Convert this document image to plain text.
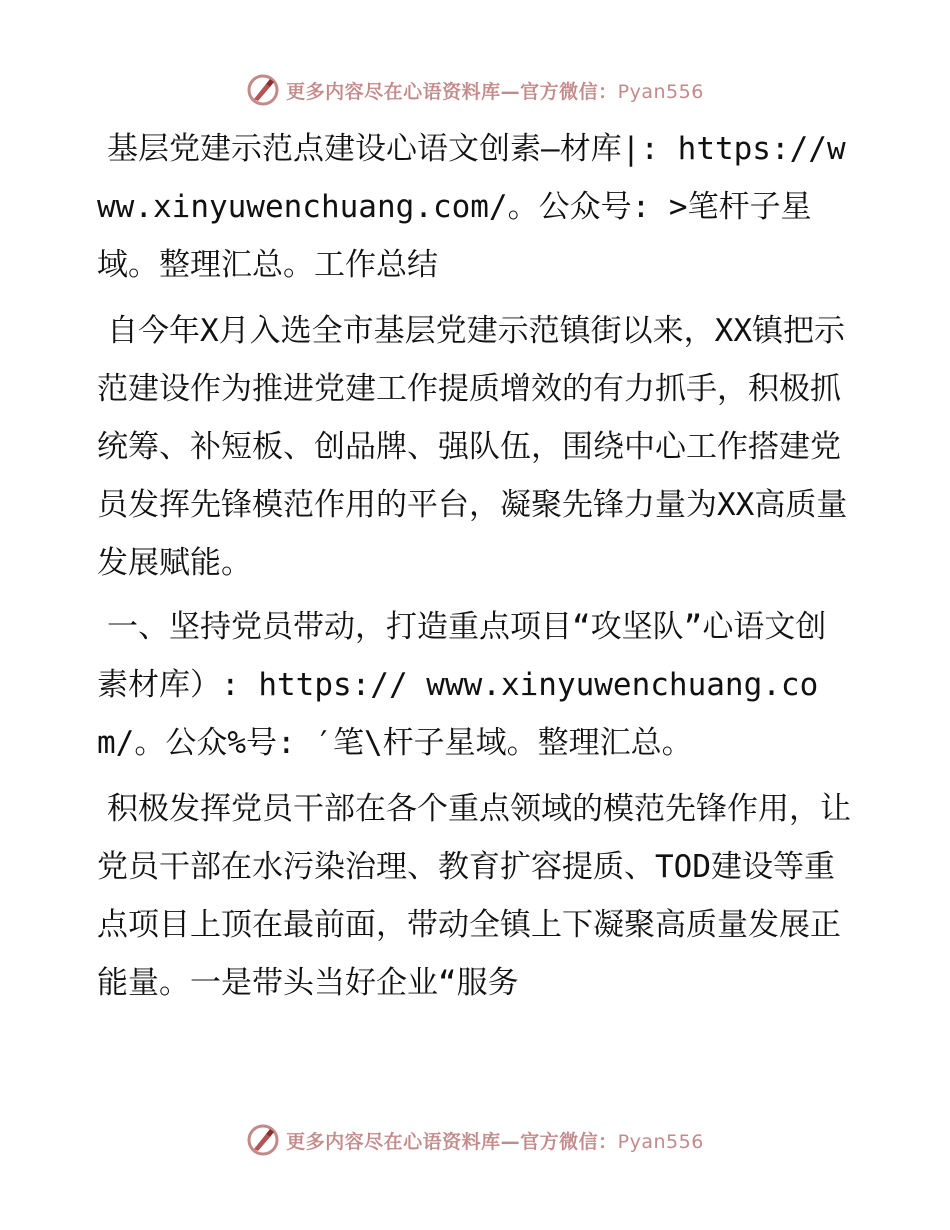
更多内容尽在心语资料库—官方微信：Pyan556

基层党建示范点建设心语文创素—材库|: https://www.xinyuwenchuang.com/。公众号: >笔杆子星域。整理汇总。工作总结

自今年X月入选全市基层党建示范镇街以来，XX镇把示范建设作为推进党建工作提质增效的有力抓手，积极抓统筹、补短板、创品牌、强队伍，围绕中心工作搭建党员发挥先锋模范作用的平台，凝聚先锋力量为XX高质量发展赋能。

一、坚持党员带动，打造重点项目“攻坚队”心语文创素材库）: https:// www.xinyuwenchuang.com/。公众%号: ′笔\杆子星域。整理汇总。

积极发挥党员干部在各个重点领域的模范先锋作用，让党员干部在水污染治理、教育扩容提质、TOD建设等重点项目上顶在最前面，带动全镇上下凝聚高质量发展正能量。一是带头当好企业“服务

更多内容尽在心语资料库—官方微信：Pyan556
